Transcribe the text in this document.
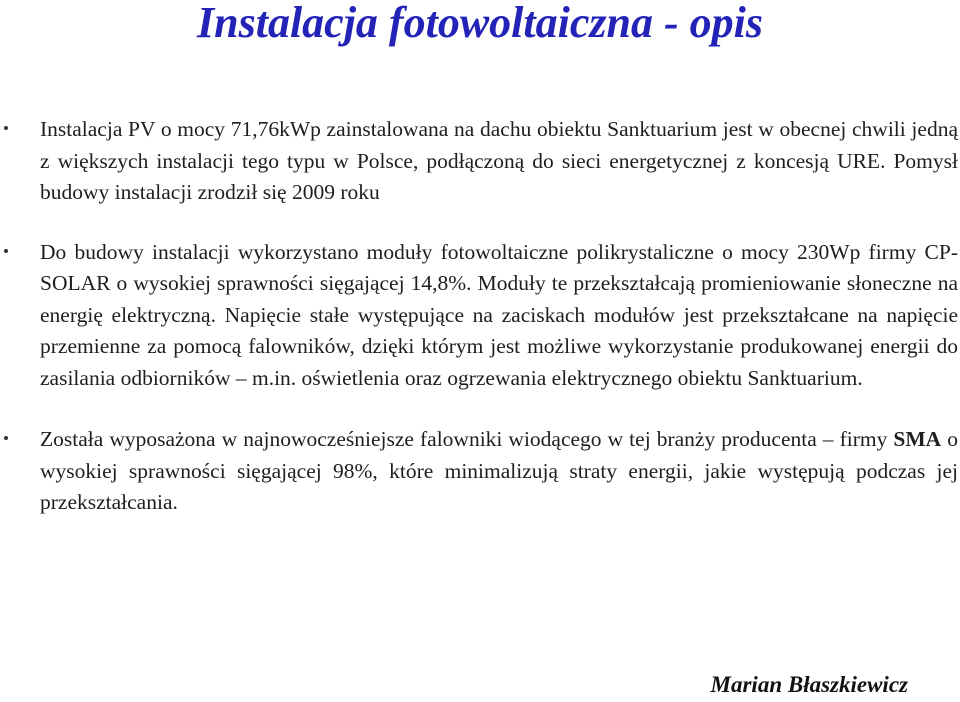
Instalacja fotowoltaiczna - opis
Instalacja PV o mocy 71,76kWp zainstalowana na dachu obiektu Sanktuarium jest w obecnej chwili jedną z większych instalacji tego typu w Polsce, podłączoną do sieci energetycznej z koncesją URE. Pomysł budowy instalacji zrodził się 2009 roku
Do budowy instalacji wykorzystano moduły fotowoltaiczne polikrystaliczne o mocy 230Wp firmy CP-SOLAR o wysokiej sprawności sięgającej 14,8%. Moduły te przekształcają promieniowanie słoneczne na energię elektryczną. Napięcie stałe występujące na zaciskach modułów jest przekształcane na napięcie przemienne za pomocą falowników, dzięki którym jest możliwe wykorzystanie produkowanej energii do zasilania odbiorników – m.in. oświetlenia oraz ogrzewania elektrycznego obiektu Sanktuarium.
Została wyposażona w najnowocześniejsze falowniki wiodącego w tej branży producenta – firmy SMA o wysokiej sprawności sięgającej 98%, które minimalizują straty energii, jakie występują podczas jej przekształcania.
Marian Błaszkiewicz
